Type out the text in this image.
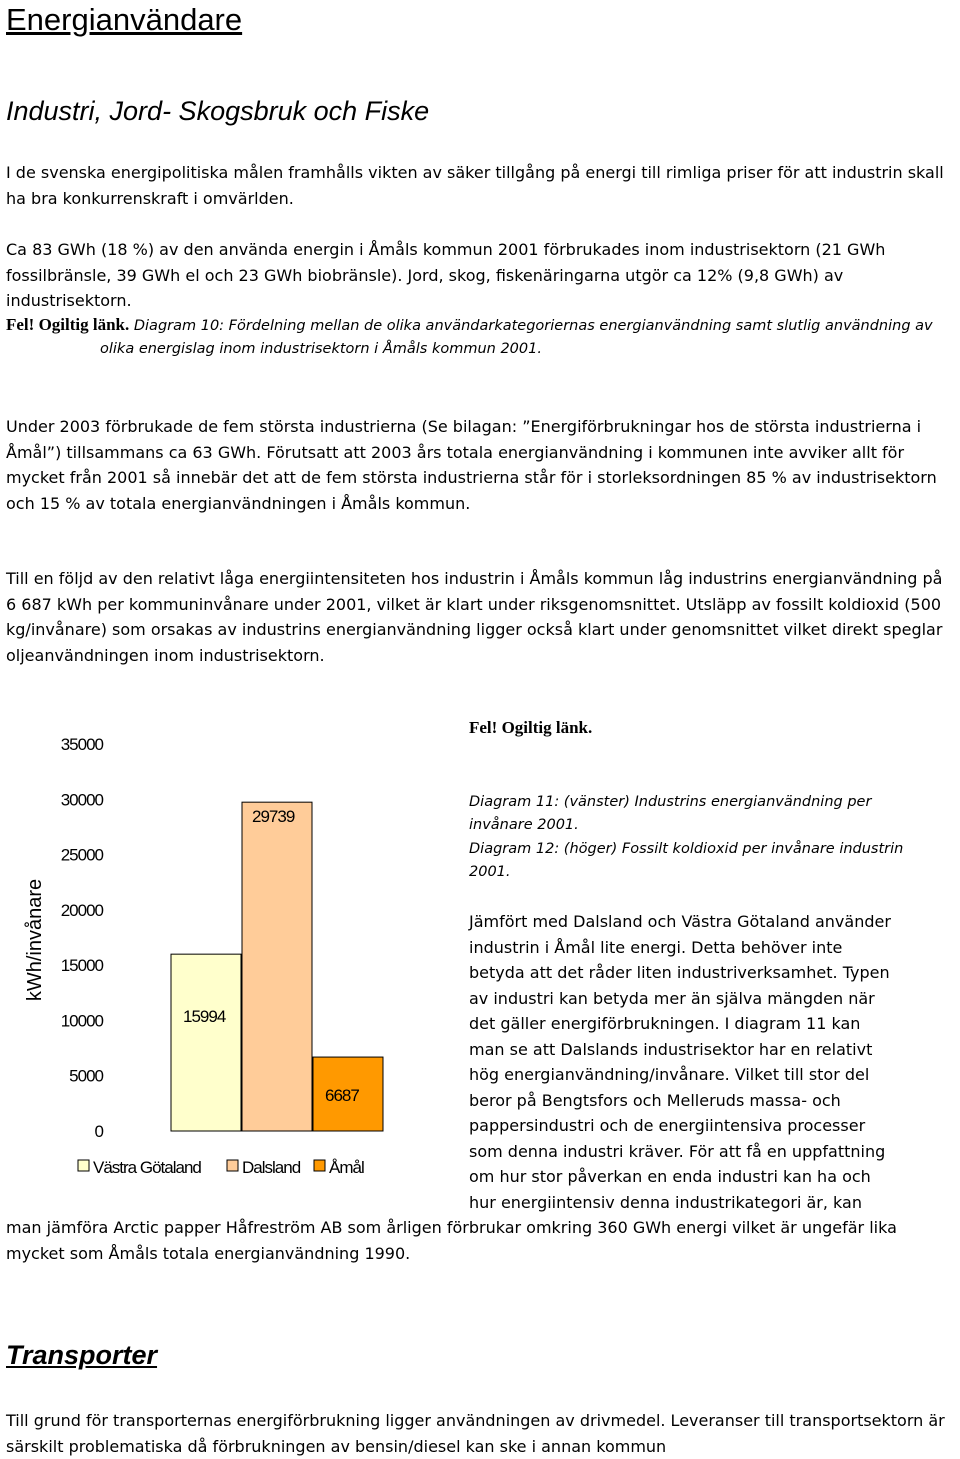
Energianvändare
Industri, Jord- Skogsbruk och Fiske

I de svenska energipolitiska målen framhålls vikten av säker tillgång på energi till rimliga priser för att industrin skall ha bra konkurrenskraft i omvärlden.

Ca 83 GWh (18 %) av den använda energin i Åmåls kommun 2001 förbrukades inom industrisektorn (21 GWh fossilbränsle, 39 GWh el och 23 GWh biobränsle). Jord, skog, fiskenäringarna utgör ca 12% (9,8 GWh) av industrisektorn.

Fel! Ogiltig länk. Diagram 10: Fördelning mellan de olika användarkategoriernas energianvändning samt slutlig användning av olika energislag inom industrisektorn i Åmåls kommun 2001.

Under 2003 förbrukade de fem största industrierna (Se bilagan: ”Energiförbrukningar hos de största industrierna i Åmål”) tillsammans ca 63 GWh. Förutsatt att 2003 års totala energianvändning i kommunen inte avviker allt för mycket från 2001 så innebär det att de fem största industrierna står för i storleksordningen 85 % av industrisektorn och 15 % av totala energianvändningen i Åmåls kommun.

Till en följd av den relativt låga energiintensiteten hos industrin i Åmåls kommun låg industrins energianvändning på 6 687 kWh per kommuninvånare under 2001, vilket är klart under riksgenomsnittet. Utsläpp av fossilt koldioxid (500 kg/invånare) som orsakas av industrins energianvändning ligger också klart under genomsnittet vilket direkt speglar oljeanvändningen inom industrisektorn.

35000
30000
25000
20000
15000
10000
5000
0
15994
29739
6687
Västra Götaland Dalsland Åmål
kWh/invånare
Fel! Ogiltig länk.
Diagram 11: (vänster) Industrins energianvändning per invånare 2001.
Diagram 12: (höger) Fossilt koldioxid per invånare industrin 2001.
Jämfört med Dalsland och Västra Götaland använder
industrin i Åmål lite energi. Detta behöver inte
betyda att det råder liten industriverksamhet. Typen
av industri kan betyda mer än själva mängden när
det gäller energiförbrukningen. I diagram 11 kan
man se att Dalslands industrisektor har en relativt
hög energianvändning/invånare. Vilket till stor del
beror på Bengtsfors och Melleruds massa- och
pappersindustri och de energiintensiva processer
som denna industri kräver. För att få en uppfattning
om hur stor påverkan en enda industri kan ha och
hur energiintensiv denna industrikategori är, kan

man jämföra Arctic papper Håfreström AB som årligen förbrukar omkring 360 GWh energi vilket är ungefär lika mycket som Åmåls totala energianvändning 1990.

Transporter

Till grund för transporternas energiförbrukning ligger användningen av drivmedel. Leveranser till transportsektorn är särskilt problematiska då förbrukningen av bensin/diesel kan ske i annan kommun
